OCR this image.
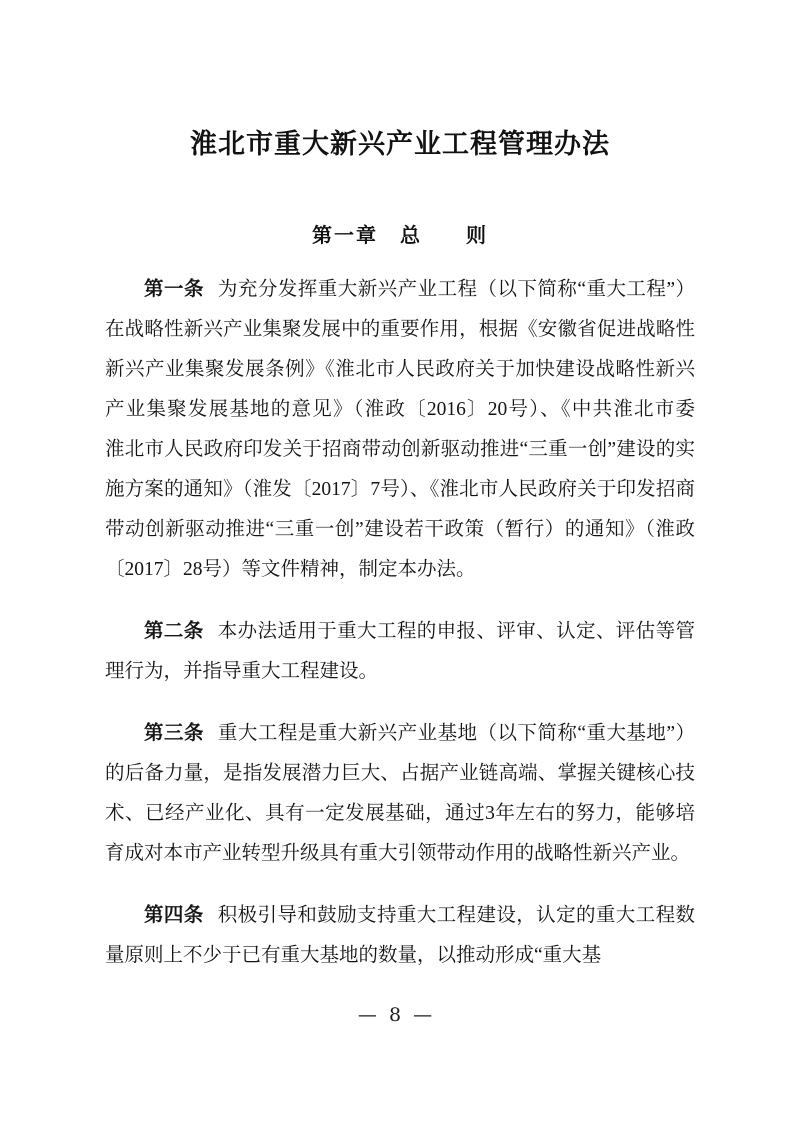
淮北市重大新兴产业工程管理办法
第一章　总　　则
第一条 为充分发挥重大新兴产业工程（以下简称“重大工程”）在战略性新兴产业集聚发展中的重要作用，根据《安徽省促进战略性新兴产业集聚发展条例》《淮北市人民政府关于加快建设战略性新兴产业集聚发展基地的意见》（淮政〔2016〕20号）、《中共淮北市委　淮北市人民政府印发关于招商带动创新驱动推进“三重一创”建设的实施方案的通知》（淮发〔2017〕7号）、《淮北市人民政府关于印发招商带动创新驱动推进“三重一创”建设若干政策（暂行）的通知》（淮政〔2017〕28号）等文件精神，制定本办法。
第二条 本办法适用于重大工程的申报、评审、认定、评估等管理行为，并指导重大工程建设。
第三条 重大工程是重大新兴产业基地（以下简称“重大基地”）的后备力量，是指发展潜力巨大、占据产业链高端、掌握关键核心技术、已经产业化、具有一定发展基础，通过3年左右的努力，能够培育成对本市产业转型升级具有重大引领带动作用的战略性新兴产业。
第四条 积极引导和鼓励支持重大工程建设，认定的重大工程数量原则上不少于已有重大基地的数量，以推动形成“重大基
— 8 —
